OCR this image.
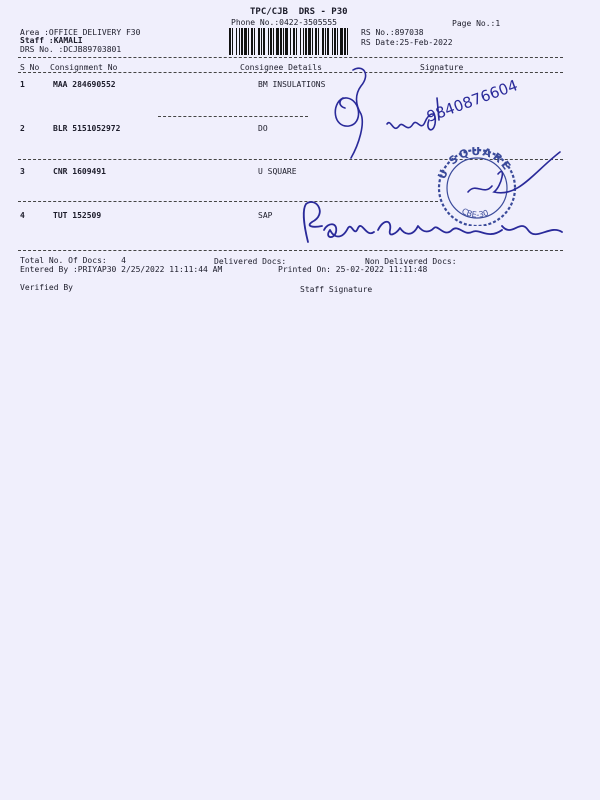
TPC/CJB  DRS - P30
Phone No.:0422-3505555	Page No.:1
Area :OFFICE DELIVERY F30
Staff :KAMALI
DRS No. :DCJB89703801
RS No.:897038
RS Date:25-Feb-2022
S No Consignment No	Consignee Details	Signature
1	MAA 284690552	BM INSULATIONS
2	BLR 5151052972	DO
3	CNR 1609491	U SQUARE
4	TUT 152509	SAP
Total No. Of Docs:   4	Delivered Docs:	Non Delivered Docs:
Entered By :PRIYAP30 2/25/2022 11:11:44 AM	Printed On: 25-02-2022 11:11:48
Verified By	Staff Signature
9840876604
U SQUARE
CBE-30
